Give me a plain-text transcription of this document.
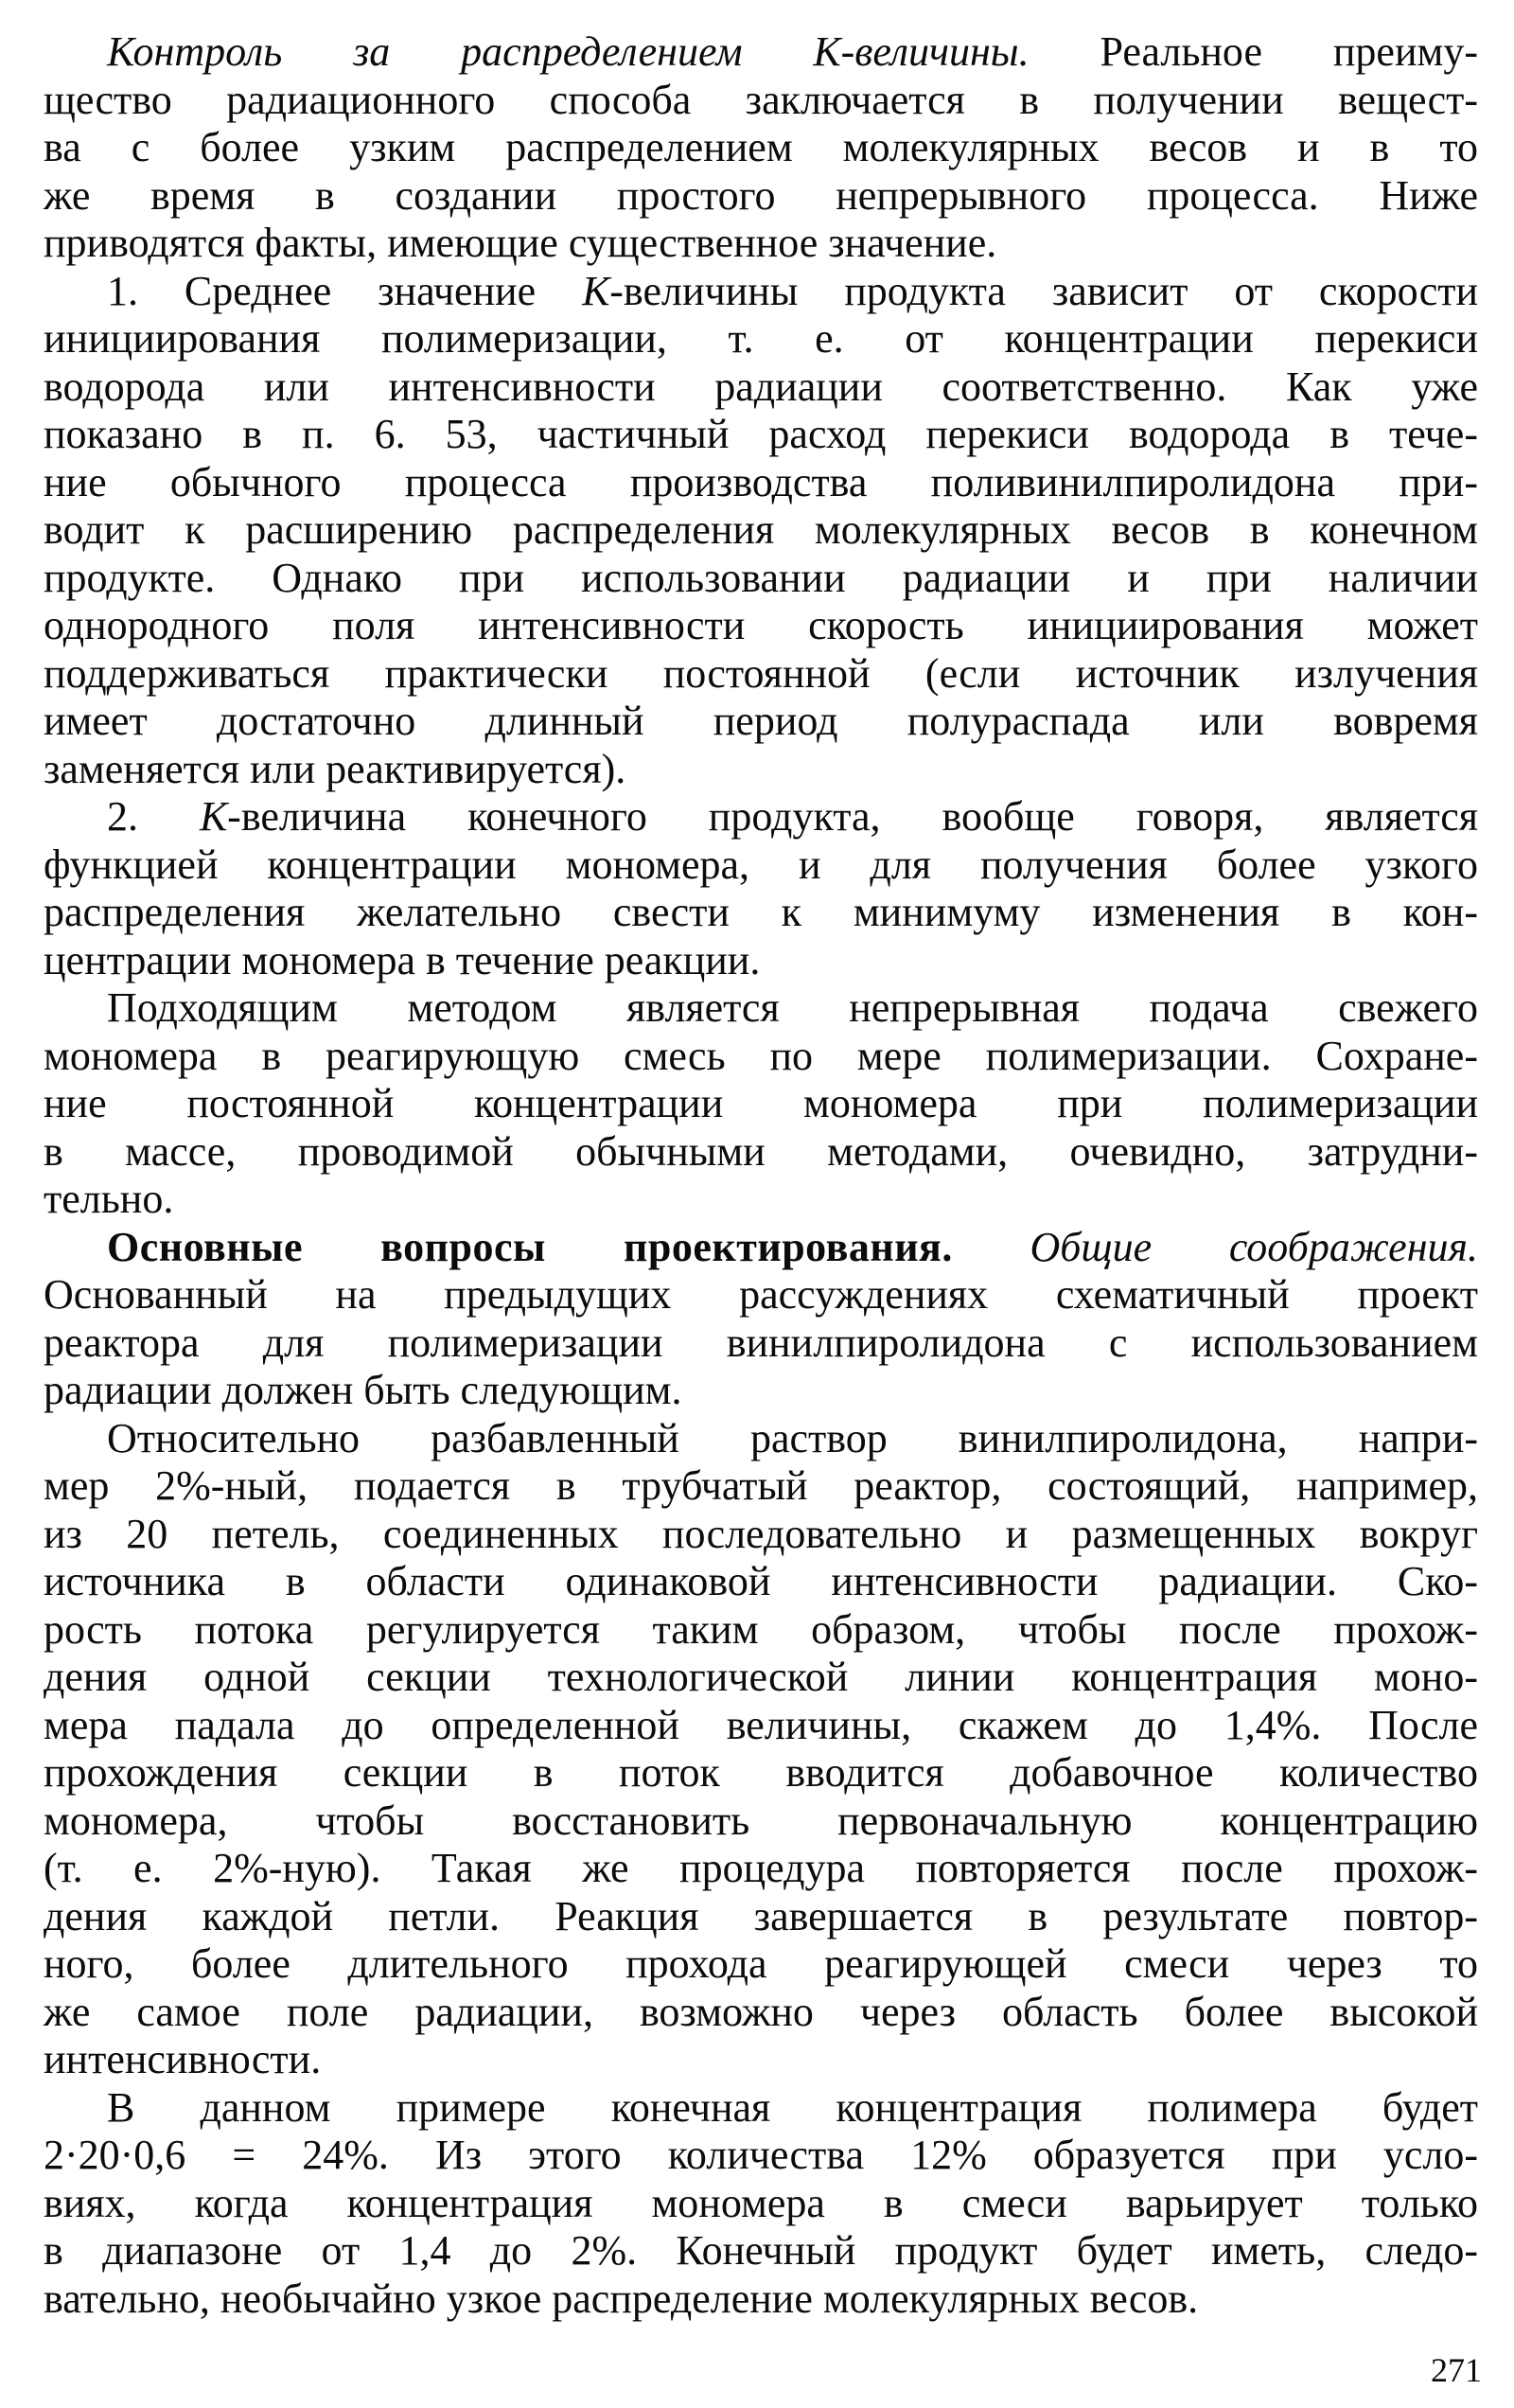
Контроль за распределением К-величины. Реальное преиму-
щество радиационного способа заключается в получении вещест-
ва с более узким распределением молекулярных весов и в то
же время в создании простого непрерывного процесса. Ниже
приводятся факты, имеющие существенное значение.
1. Среднее значение К-величины продукта зависит от скорости
инициирования полимеризации, т. е. от концентрации перекиси
водорода или интенсивности радиации соответственно. Как уже
показано в п. 6. 53, частичный расход перекиси водорода в тече-
ние обычного процесса производства поливинилпиролидона при-
водит к расширению распределения молекулярных весов в конечном
продукте. Однако при использовании радиации и при наличии
однородного поля интенсивности скорость инициирования может
поддерживаться практически постоянной (если источник излучения
имеет достаточно длинный период полураспада или вовремя
заменяется или реактивируется).
2. К-величина конечного продукта, вообще говоря, является
функцией концентрации мономера, и для получения более узкого
распределения желательно свести к минимуму изменения в кон-
центрации мономера в течение реакции.
Подходящим методом является непрерывная подача свежего
мономера в реагирующую смесь по мере полимеризации. Сохране-
ние постоянной концентрации мономера при полимеризации
в массе, проводимой обычными методами, очевидно, затрудни-
тельно.
Основные вопросы проектирования. Общие соображения.
Основанный на предыдущих рассуждениях схематичный проект
реактора для полимеризации винилпиролидона с использованием
радиации должен быть следующим.
Относительно разбавленный раствор винилпиролидона, напри-
мер 2%-ный, подается в трубчатый реактор, состоящий, например,
из 20 петель, соединенных последовательно и размещенных вокруг
источника в области одинаковой интенсивности радиации. Ско-
рость потока регулируется таким образом, чтобы после прохож-
дения одной секции технологической линии концентрация моно-
мера падала до определенной величины, скажем до 1,4%. После
прохождения секции в поток вводится добавочное количество
мономера, чтобы восстановить первоначальную концентрацию
(т. е. 2%-ную). Такая же процедура повторяется после прохож-
дения каждой петли. Реакция завершается в результате повтор-
ного, более длительного прохода реагирующей смеси через то
же самое поле радиации, возможно через область более высокой
интенсивности.
В данном примере конечная концентрация полимера будет
2·20·0,6 = 24%. Из этого количества 12% образуется при усло-
виях, когда концентрация мономера в смеси варьирует только
в диапазоне от 1,4 до 2%. Конечный продукт будет иметь, следо-
вательно, необычайно узкое распределение молекулярных весов.
271
